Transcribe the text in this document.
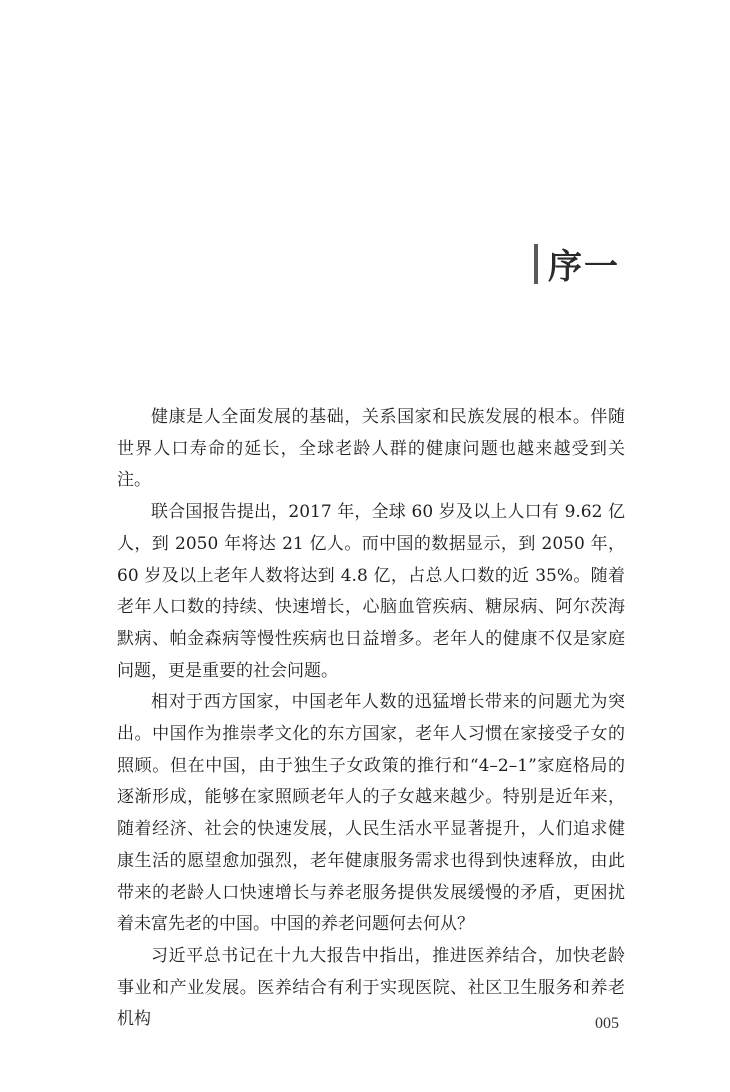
序一

健康是人全面发展的基础，关系国家和民族发展的根本。伴随世界人口寿命的延长，全球老龄人群的健康问题也越来越受到关注。

联合国报告提出，2017 年，全球 60 岁及以上人口有 9.62 亿人，到 2050 年将达 21 亿人。而中国的数据显示，到 2050 年，60 岁及以上老年人数将达到 4.8 亿，占总人口数的近 35%。随着老年人口数的持续、快速增长，心脑血管疾病、糖尿病、阿尔茨海默病、帕金森病等慢性疾病也日益增多。老年人的健康不仅是家庭问题，更是重要的社会问题。

相对于西方国家，中国老年人数的迅猛增长带来的问题尤为突出。中国作为推崇孝文化的东方国家，老年人习惯在家接受子女的照顾。但在中国，由于独生子女政策的推行和“4–2–1”家庭格局的逐渐形成，能够在家照顾老年人的子女越来越少。特别是近年来，随着经济、社会的快速发展，人民生活水平显著提升，人们追求健康生活的愿望愈加强烈，老年健康服务需求也得到快速释放，由此带来的老龄人口快速增长与养老服务提供发展缓慢的矛盾，更困扰着未富先老的中国。中国的养老问题何去何从？

习近平总书记在十九大报告中指出，推进医养结合，加快老龄事业和产业发展。医养结合有利于实现医院、社区卫生服务和养老机构	005
